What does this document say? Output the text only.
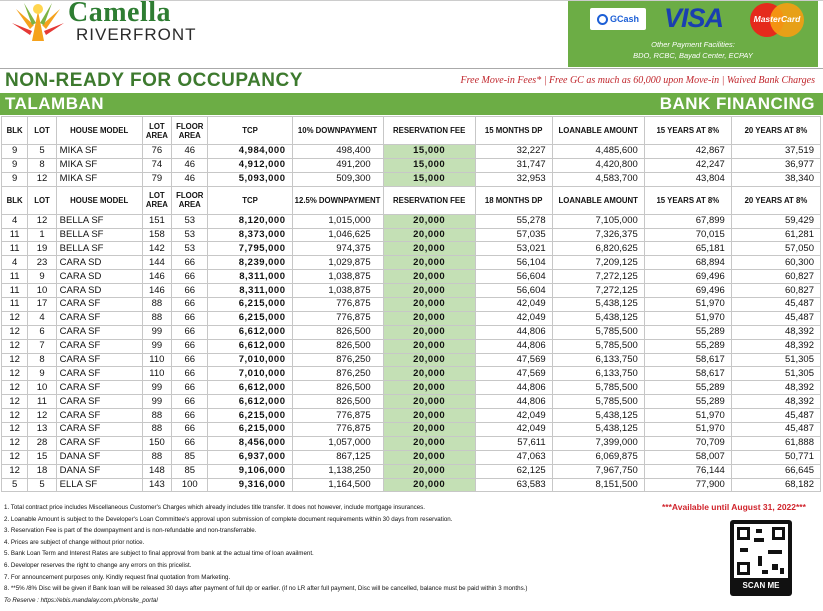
Camella
RIVERFRONT
GCash VISA	MasterCard
Other Payment Facilities:
BDO, RCBC, Bayad Center, ECPAY
NON-READY FOR OCCUPANCY	Free Move-in Fees* | Free GC as much as 60,000 upon Move-in | Waived Bank Charges
TALAMBAN	BANK FINANCING
BLK	LOT	HOUSE MODEL	LOT AREA	FLOOR AREA	TCP	10% DOWNPAYMENT	RESERVATION FEE	15 MONTHS DP	LOANABLE AMOUNT	15 YEARS AT 8%	20 YEARS AT 8%
9	5	MIKA SF	76	46	4,984,000	498,400	15,000	32,227	4,485,600	42,867	37,519
9	8	MIKA SF	74	46	4,912,000	491,200	15,000	31,747	4,420,800	42,247	36,977
9	12	MIKA SF	79	46	5,093,000	509,300	15,000	32,953	4,583,700	43,804	38,340
BLK	LOT	HOUSE MODEL	LOT AREA	FLOOR AREA	TCP	12.5% DOWNPAYMENT	RESERVATION FEE	18 MONTHS DP	LOANABLE AMOUNT	15 YEARS AT 8%	20 YEARS AT 8%
4	12	BELLA SF	151	53	8,120,000	1,015,000	20,000	55,278	7,105,000	67,899	59,429
11	1	BELLA SF	158	53	8,373,000	1,046,625	20,000	57,035	7,326,375	70,015	61,281
11	19	BELLA SF	142	53	7,795,000	974,375	20,000	53,021	6,820,625	65,181	57,050
4	23	CARA SD	144	66	8,239,000	1,029,875	20,000	56,104	7,209,125	68,894	60,300
11	9	CARA SD	146	66	8,311,000	1,038,875	20,000	56,604	7,272,125	69,496	60,827
11	10	CARA SD	146	66	8,311,000	1,038,875	20,000	56,604	7,272,125	69,496	60,827
11	17	CARA SF	88	66	6,215,000	776,875	20,000	42,049	5,438,125	51,970	45,487
12	4	CARA SF	88	66	6,215,000	776,875	20,000	42,049	5,438,125	51,970	45,487
12	6	CARA SF	99	66	6,612,000	826,500	20,000	44,806	5,785,500	55,289	48,392
12	7	CARA SF	99	66	6,612,000	826,500	20,000	44,806	5,785,500	55,289	48,392
12	8	CARA SF	110	66	7,010,000	876,250	20,000	47,569	6,133,750	58,617	51,305
12	9	CARA SF	110	66	7,010,000	876,250	20,000	47,569	6,133,750	58,617	51,305
12	10	CARA SF	99	66	6,612,000	826,500	20,000	44,806	5,785,500	55,289	48,392
12	11	CARA SF	99	66	6,612,000	826,500	20,000	44,806	5,785,500	55,289	48,392
12	12	CARA SF	88	66	6,215,000	776,875	20,000	42,049	5,438,125	51,970	45,487
12	13	CARA SF	88	66	6,215,000	776,875	20,000	42,049	5,438,125	51,970	45,487
12	28	CARA SF	150	66	8,456,000	1,057,000	20,000	57,611	7,399,000	70,709	61,888
12	15	DANA SF	88	85	6,937,000	867,125	20,000	47,063	6,069,875	58,007	50,771
12	18	DANA SF	148	85	9,106,000	1,138,250	20,000	62,125	7,967,750	76,144	66,645
5	5	ELLA SF	143	100	9,316,000	1,164,500	20,000	63,583	8,151,500	77,900	68,182
1. Total contract price includes Miscellaneous Customer's Charges which already includes title transfer. It does not however, include mortgage insurances.
2. Loanable Amount is subject to the Developer's Loan Committee's approval upon submission of complete document requirements within 30 days from reservation.
3. Reservation Fee is part of the downpayment and is non-refundable and non-transferrable.
4. Prices are subject of change without prior notice.
5. Bank Loan Term and Interest Rates are subject to final approval from bank at the actual time of loan availment.
6. Developer reserves the right to change any errors on this pricelist.
7. For announcement purposes only. Kindly request final quotation from Marketing.
8. **5% /8% Disc will be given if Bank loan will be released 30 days after payment of full dp or earlier. (if no LR after full payment, Disc will be cancelled, balance must be paid within 3 months.)
To Reserve : https://ebis.mandalay.com.ph/onsite_portal
***Available until August 31, 2022***
SCAN ME
